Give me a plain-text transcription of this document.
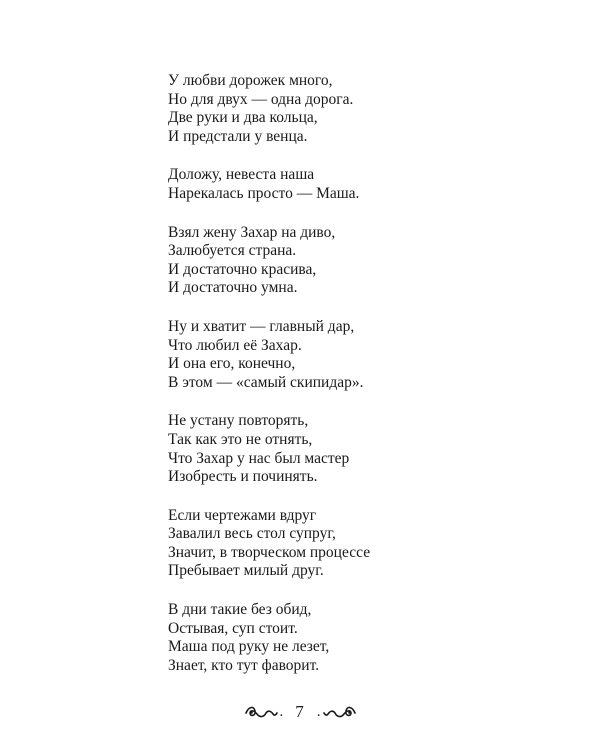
У любви дорожек много,
Но для двух — одна дорога.
Две руки и два кольца,
И предстали у венца.
Доложу, невеста наша
Нарекалась просто — Маша.
Взял жену Захар на диво,
Залюбуется страна.
И достаточно красива,
И достаточно умна.
Ну и хватит — главный дар,
Что любил её Захар.
И она его, конечно,
В этом — «самый скипидар».
Не устану повторять,
Так как это не отнять,
Что Захар у нас был мастер
Изобресть и починять.
Если чертежами вдруг
Завалил весь стол супруг,
Значит, в творческом процессе
Пребывает милый друг.
В дни такие без обид,
Остывая, суп стоит.
Маша под руку не лезет,
Знает, кто тут фаворит.
. 7 .
